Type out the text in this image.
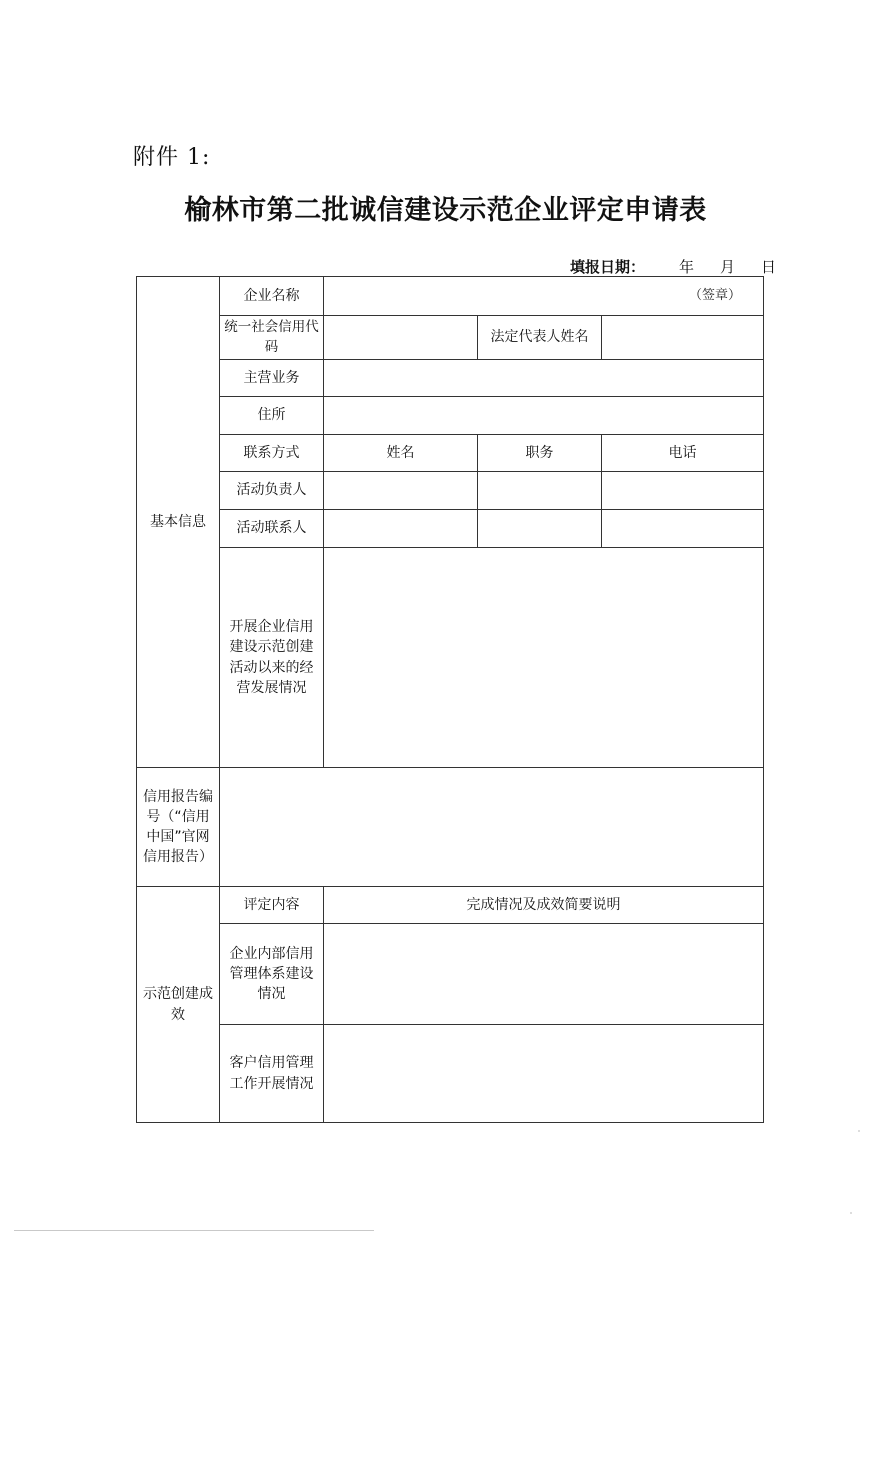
附件 1:
榆林市第二批诚信建设示范企业评定申请表
填报日期： 年 月 日
基本信息	企业名称	（签章）		
	统一社会信用代码		法定代表人姓名	
	主营业务			
	住所			
	联系方式	姓名	职务	电话
	活动负责人			
	活动联系人			
	开展企业信用建设示范创建活动以来的经营发展情况			
信用报告编号（“信用中国”官网信用报告）				
示范创建成效	评定内容	完成情况及成效简要说明		
	企业内部信用管理体系建设情况			
	客户信用管理工作开展情况			
